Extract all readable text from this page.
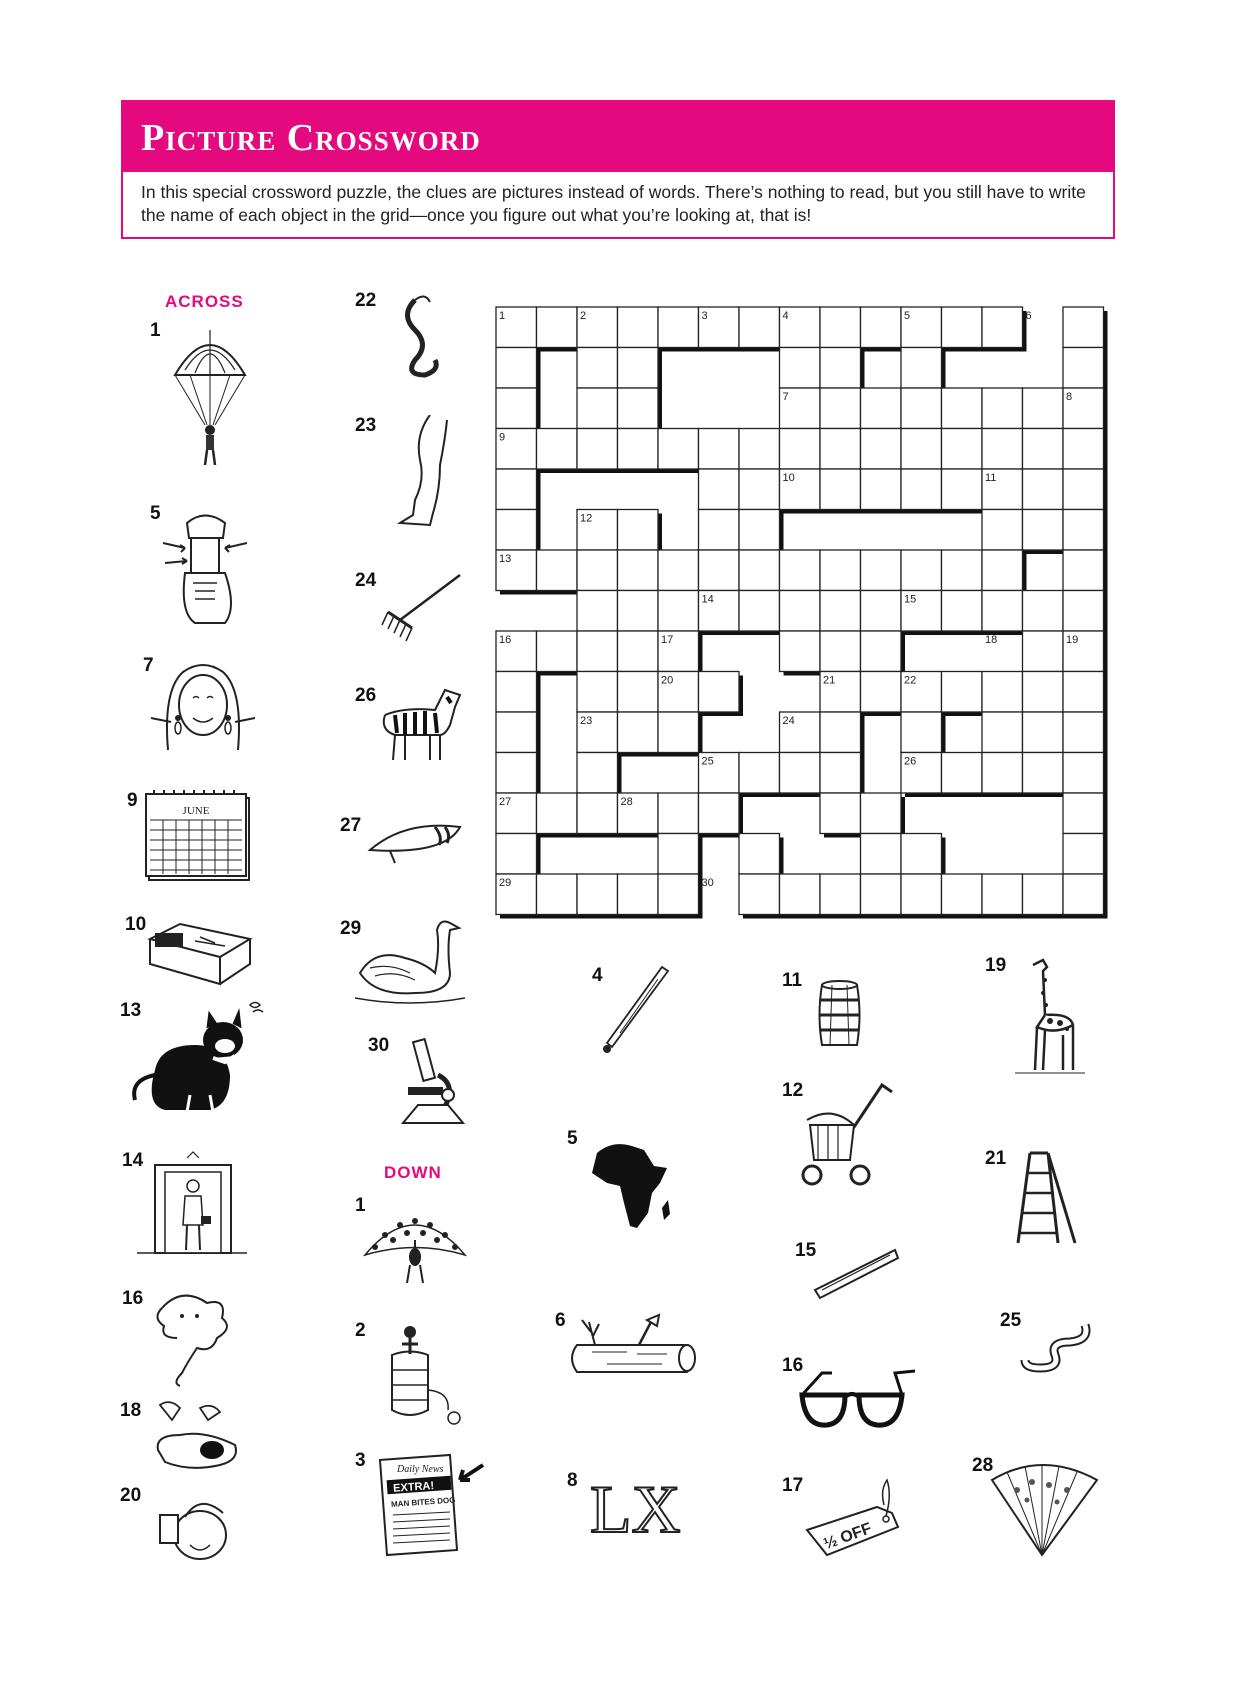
Picture Crossword
In this special crossword puzzle, the clues are pictures instead of words. There’s nothing to read, but you still have to write the name of each object in the grid—once you figure out what you’re looking at, that is!
ACROSS
DOWN
1
5
7
9	JUNE
10
13
14
16
18
20
22
23
24
26
27
29
30
1
2
3	Daily News
EXTRA!
MAN BITES DOG
4
5
6
8 LX
11
12
15
16
17
½ OFF
19
21
25
28
1	2	3	4	5	6
7	8
9
10	11
12
13
14	15
16	17	18	19
20	21	22
23	24
25	26
27	28
29	30
